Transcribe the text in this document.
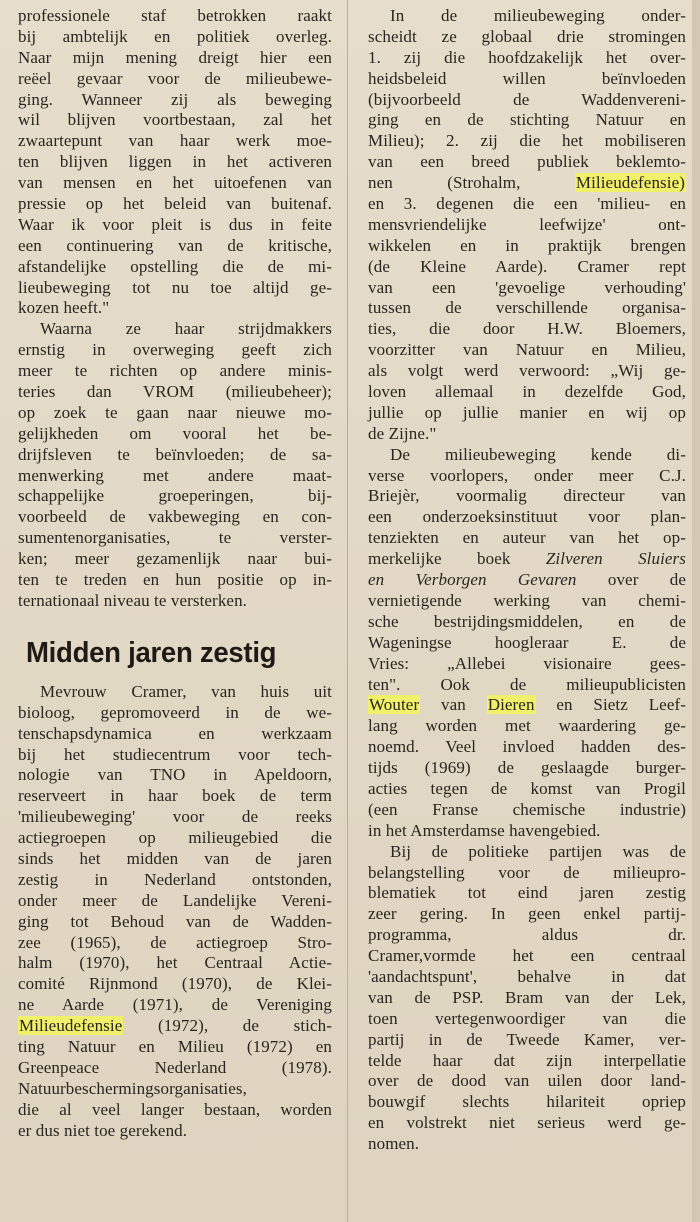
professionele staf betrokken raakt
bij ambtelijk en politiek overleg.
Naar mijn mening dreigt hier een
reëel gevaar voor de milieubewe-
ging. Wanneer zij als beweging
wil blijven voortbestaan, zal het
zwaartepunt van haar werk moe-
ten blijven liggen in het activeren
van mensen en het uitoefenen van
pressie op het beleid van buitenaf.
Waar ik voor pleit is dus in feite
een continuering van de kritische,
afstandelijke opstelling die de mi-
lieubeweging tot nu toe altijd ge-
kozen heeft."
Waarna ze haar strijdmakkers
ernstig in overweging geeft zich
meer te richten op andere minis-
teries dan VROM (milieubeheer);
op zoek te gaan naar nieuwe mo-
gelijkheden om vooral het be-
drijfsleven te beïnvloeden; de sa-
menwerking met andere maat-
schappelijke groeperingen, bij-
voorbeeld de vakbeweging en con-
sumentenorganisaties, te verster-
ken; meer gezamenlijk naar bui-
ten te treden en hun positie op in-
ternationaal niveau te versterken.
Midden jaren zestig
Mevrouw Cramer, van huis uit
bioloog, gepromoveerd in de we-
tenschapsdynamica en werkzaam
bij het studiecentrum voor tech-
nologie van TNO in Apeldoorn,
reserveert in haar boek de term
'milieubeweging' voor de reeks
actiegroepen op milieugebied die
sinds het midden van de jaren
zestig in Nederland ontstonden,
onder meer de Landelijke Vereni-
ging tot Behoud van de Wadden-
zee (1965), de actiegroep Stro-
halm (1970), het Centraal Actie-
comité Rijnmond (1970), de Klei-
ne Aarde (1971), de Vereniging
Milieudefensie (1972), de stich-
ting Natuur en Milieu (1972) en
Greenpeace Nederland (1978).
Natuurbeschermingsorganisaties,
die al veel langer bestaan, worden
er dus niet toe gerekend.
In de milieubeweging onder-
scheidt ze globaal drie stromingen
1. zij die hoofdzakelijk het over-
heidsbeleid willen beïnvloeden
(bijvoorbeeld de Waddenvereni-
ging en de stichting Natuur en
Milieu); 2. zij die het mobiliseren
van een breed publiek beklemto-
nen (Strohalm, Milieudefensie)
en 3. degenen die een 'milieu- en
mensvriendelijke leefwijze' ont-
wikkelen en in praktijk brengen
(de Kleine Aarde). Cramer rept
van een 'gevoelige verhouding'
tussen de verschillende organisa-
ties, die door H.W. Bloemers,
voorzitter van Natuur en Milieu,
als volgt werd verwoord: „Wij ge-
loven allemaal in dezelfde God,
jullie op jullie manier en wij op
de Zijne."
De milieubeweging kende di-
verse voorlopers, onder meer C.J.
Briejèr, voormalig directeur van
een onderzoeksinstituut voor plan-
tenziekten en auteur van het op-
merkelijke boek Zilveren Sluiers
en Verborgen Gevaren over de
vernietigende werking van chemi-
sche bestrijdingsmiddelen, en de
Wageningse hoogleraar E. de
Vries: „Allebei visionaire gees-
ten". Ook de milieupublicisten
Wouter van Dieren en Sietz Leef-
lang worden met waardering ge-
noemd. Veel invloed hadden des-
tijds (1969) de geslaagde burger-
acties tegen de komst van Progil
(een Franse chemische industrie)
in het Amsterdamse havengebied.
Bij de politieke partijen was de
belangstelling voor de milieupro-
blematiek tot eind jaren zestig
zeer gering. In geen enkel partij-
programma, aldus dr.
Cramer,vormde het een centraal
'aandachtspunt', behalve in dat
van de PSP. Bram van der Lek,
toen vertegenwoordiger van die
partij in de Tweede Kamer, ver-
telde haar dat zijn interpellatie
over de dood van uilen door land-
bouwgif slechts hilariteit opriep
en volstrekt niet serieus werd ge-
nomen.
